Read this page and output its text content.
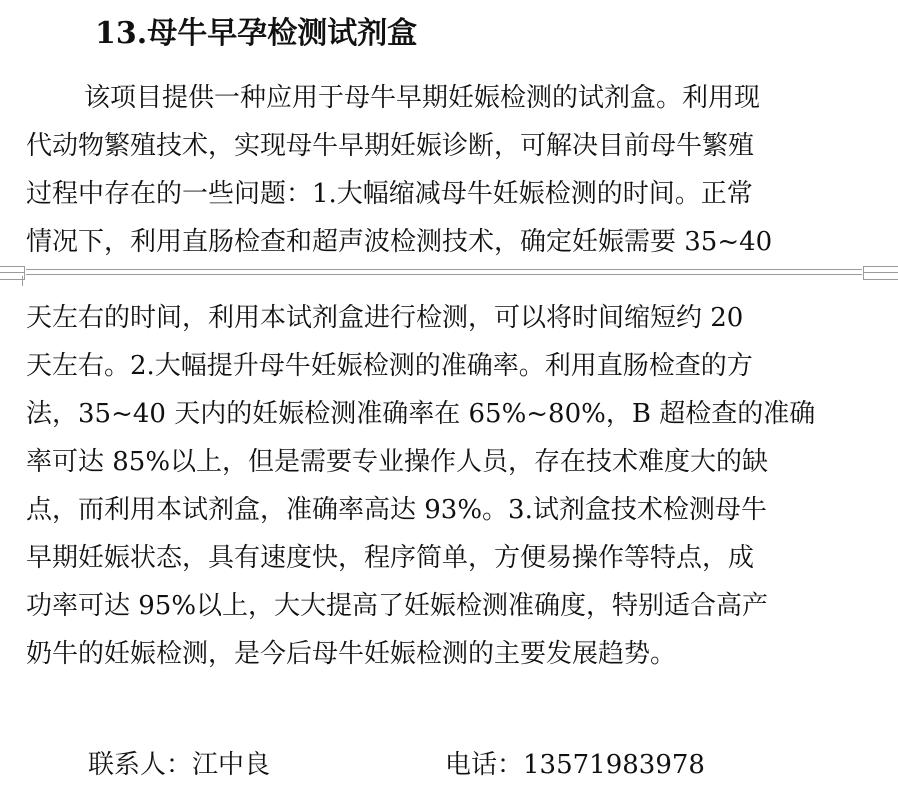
13.母牛早孕检测试剂盒
该项目提供一种应用于母牛早期妊娠检测的试剂盒。利用现
代动物繁殖技术，实现母牛早期妊娠诊断，可解决目前母牛繁殖
过程中存在的一些问题：1.大幅缩减母牛妊娠检测的时间。正常
情况下，利用直肠检查和超声波检测技术，确定妊娠需要 35~40
天左右的时间，利用本试剂盒进行检测，可以将时间缩短约 20
天左右。2.大幅提升母牛妊娠检测的准确率。利用直肠检查的方
法，35~40 天内的妊娠检测准确率在 65%~80%，B 超检查的准确
率可达 85%以上，但是需要专业操作人员，存在技术难度大的缺
点，而利用本试剂盒，准确率高达 93%。3.试剂盒技术检测母牛
早期妊娠状态，具有速度快，程序简单，方便易操作等特点，成
功率可达 95%以上，大大提高了妊娠检测准确度，特别适合高产
奶牛的妊娠检测，是今后母牛妊娠检测的主要发展趋势。
联系人：江中良	电话：13571983978
